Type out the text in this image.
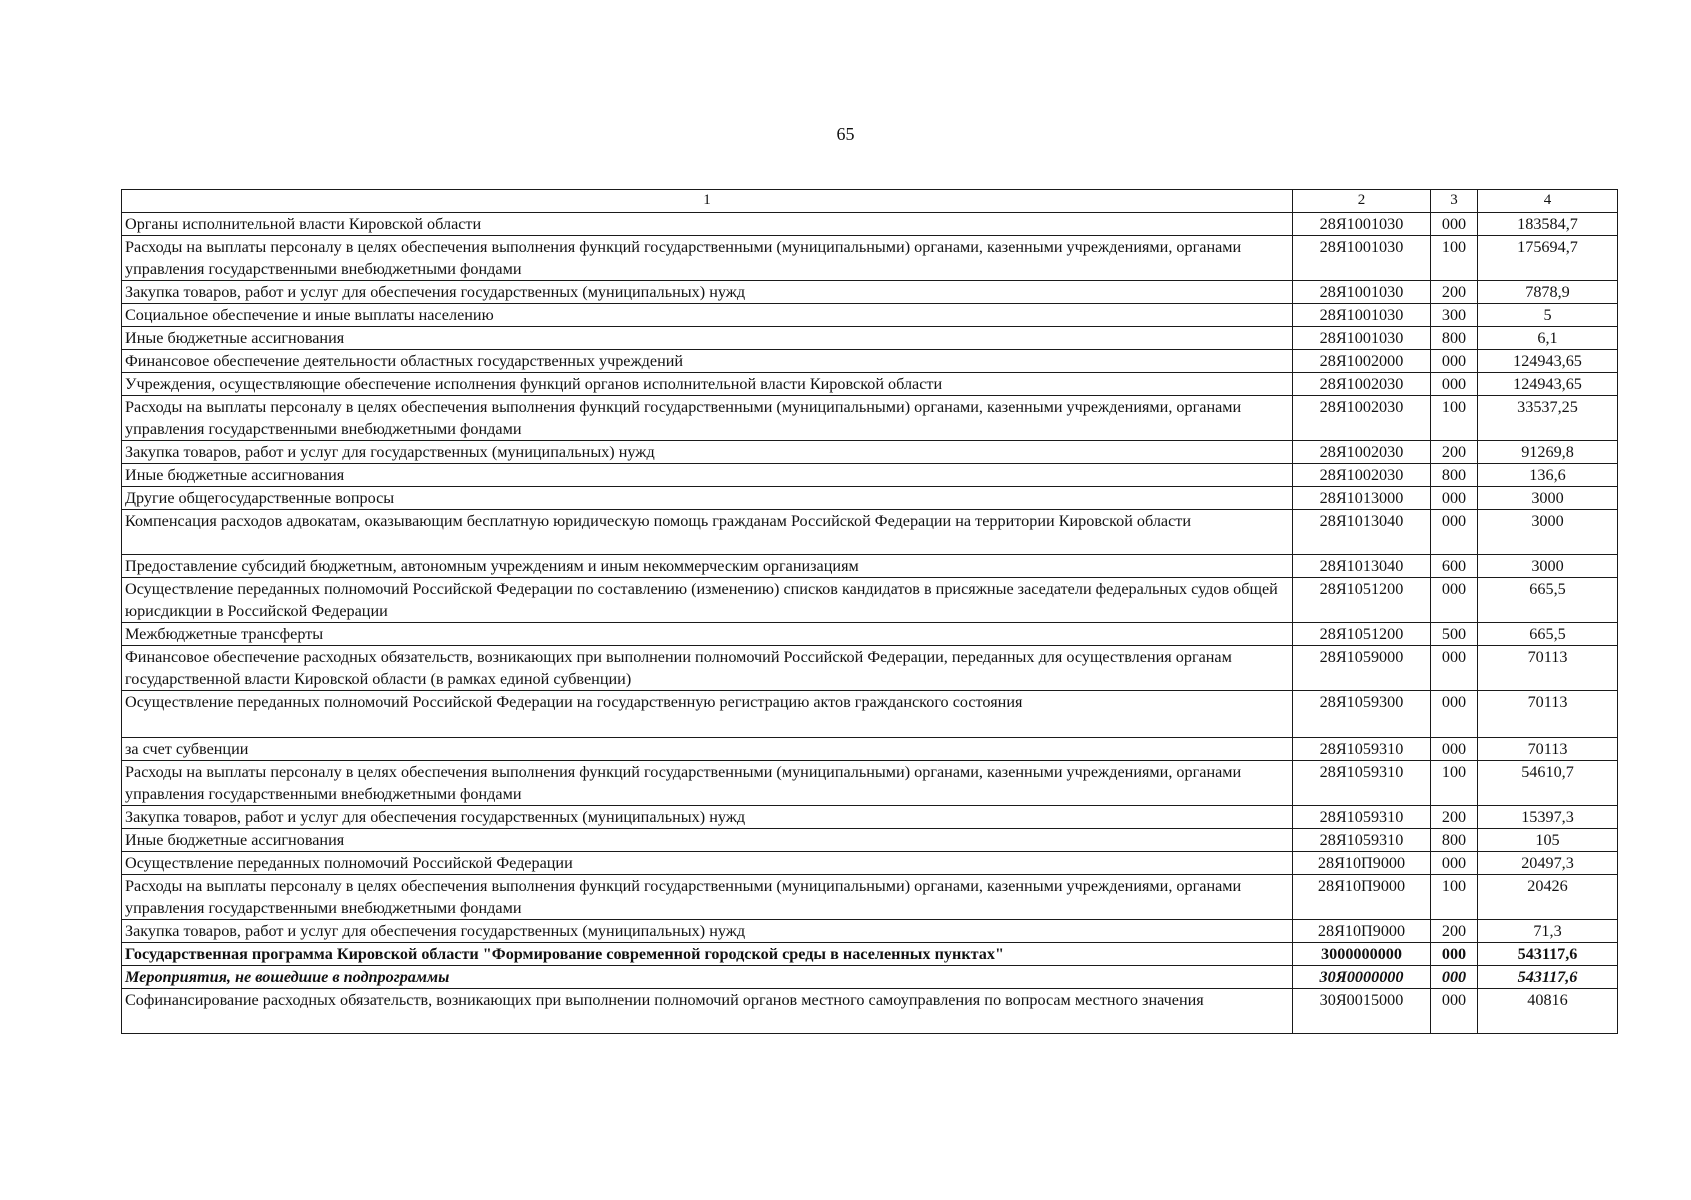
65
1	2	3	4
Органы исполнительной власти Кировской области	28Я1001030	000	183584,7
Расходы на выплаты персоналу в целях обеспечения выполнения функций государственными (муниципальными) органами, казенными учреждениями, органами управления государственными внебюджетными фондами	28Я1001030	100	175694,7
Закупка товаров, работ и услуг для обеспечения государственных (муниципальных) нужд	28Я1001030	200	7878,9
Социальное обеспечение и иные выплаты населению	28Я1001030	300	5
Иные бюджетные ассигнования	28Я1001030	800	6,1
Финансовое обеспечение деятельности областных государственных учреждений	28Я1002000	000	124943,65
Учреждения, осуществляющие обеспечение исполнения функций органов исполнительной власти Кировской области	28Я1002030	000	124943,65
Расходы на выплаты персоналу в целях обеспечения выполнения функций государственными (муниципальными) органами, казенными учреждениями, органами управления государственными внебюджетными фондами	28Я1002030	100	33537,25
Закупка товаров, работ и услуг для государственных (муниципальных) нужд	28Я1002030	200	91269,8
Иные бюджетные ассигнования	28Я1002030	800	136,6
Другие общегосударственные вопросы	28Я1013000	000	3000
Компенсация расходов адвокатам, оказывающим бесплатную юридическую помощь гражданам Российской Федерации на территории Кировской области	28Я1013040	000	3000
Предоставление субсидий бюджетным, автономным учреждениям и иным некоммерческим организациям	28Я1013040	600	3000
Осуществление переданных полномочий Российской Федерации по составлению (изменению) списков кандидатов в присяжные заседатели федеральных судов общей юрисдикции в Российской Федерации	28Я1051200	000	665,5
Межбюджетные трансферты	28Я1051200	500	665,5
Финансовое обеспечение расходных обязательств, возникающих при выполнении полномочий Российской Федерации, переданных для осуществления органам государственной власти Кировской области (в рамках единой субвенции)	28Я1059000	000	70113
Осуществление переданных полномочий Российской Федерации на государственную регистрацию актов гражданского состояния	28Я1059300	000	70113
за счет субвенции	28Я1059310	000	70113
Расходы на выплаты персоналу в целях обеспечения выполнения функций государственными (муниципальными) органами, казенными учреждениями, органами управления государственными внебюджетными фондами	28Я1059310	100	54610,7
Закупка товаров, работ и услуг для обеспечения государственных (муниципальных) нужд	28Я1059310	200	15397,3
Иные бюджетные ассигнования	28Я1059310	800	105
Осуществление переданных полномочий Российской Федерации	28Я10П9000	000	20497,3
Расходы на выплаты персоналу в целях обеспечения выполнения функций государственными (муниципальными) органами, казенными учреждениями, органами управления государственными внебюджетными фондами	28Я10П9000	100	20426
Закупка товаров, работ и услуг для обеспечения государственных (муниципальных) нужд	28Я10П9000	200	71,3
Государственная программа Кировской области "Формирование современной городской среды в населенных пунктах"	3000000000	000	543117,6
Мероприятия, не вошедшие в подпрограммы	30Я0000000	000	543117,6
Софинансирование расходных обязательств, возникающих при выполнении полномочий органов местного самоуправления по вопросам местного значения	30Я0015000	000	40816
